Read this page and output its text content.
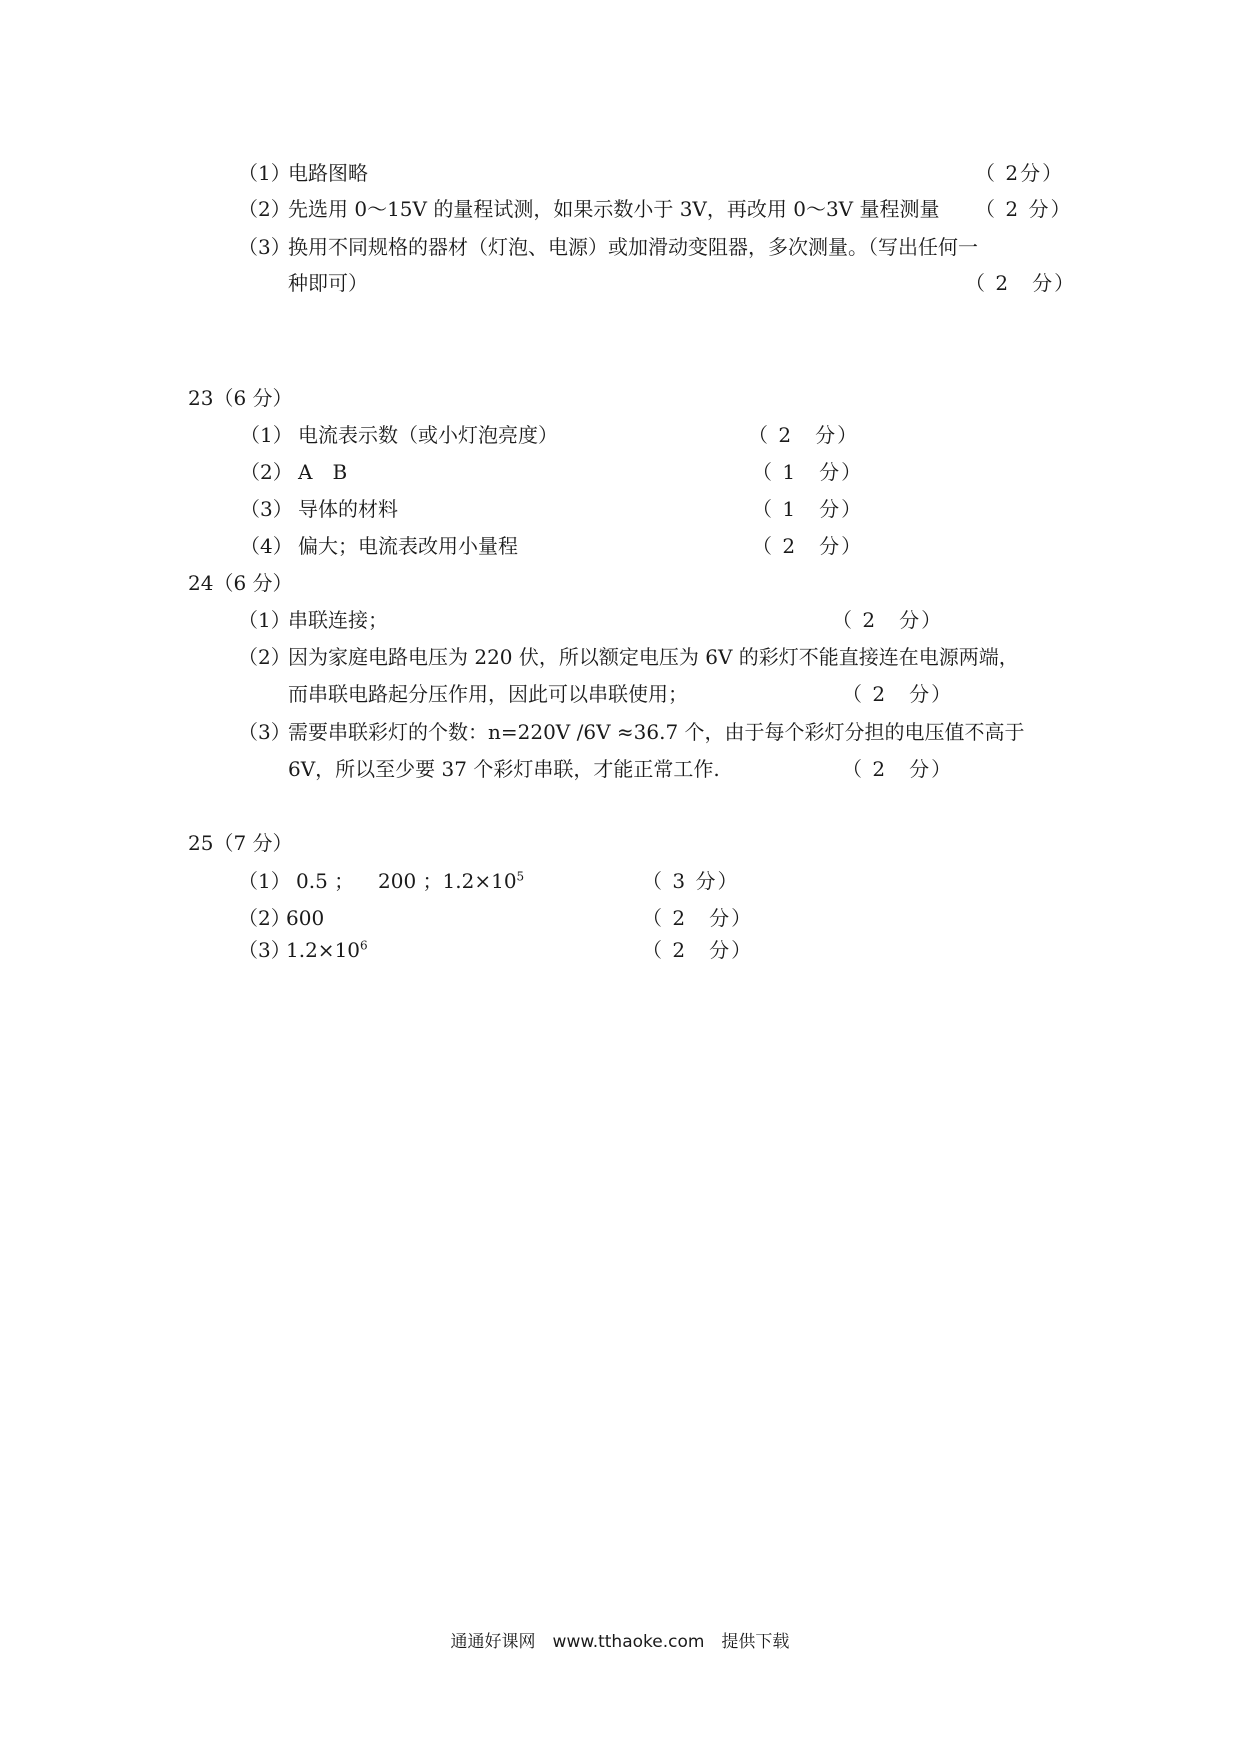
（1）
电路图略	（ 2分）
（2）
先选用 0～15V 的量程试测，如果示数小于 3V，再改用 0～3V 量程测量 （ 2 分）
（3）
换用不同规格的器材（灯泡、电源）或加滑动变阻器，多次测量。（写出任何一
种即可）	（ 2　分）
23（6 分）
（1） 电流表示数（或小灯泡亮度）	（ 2　分）
（2） A　B	（ 1　分）
（3） 导体的材料	（ 1　分）
（4） 偏大；电流表改用小量程	（ 2　分）
24（6 分）
（1）
串联连接；	（ 2　分）
（2）
因为家庭电路电压为 220 伏，所以额定电压为 6V 的彩灯不能直接连在电源两端，
而串联电路起分压作用，因此可以串联使用；	（ 2　分）
（3）
需要串联彩灯的个数：n=220V /6V ≈36.7 个，由于每个彩灯分担的电压值不高于
6V，所以至少要 37 个彩灯串联，才能正常工作.	（ 2　分）
25（7 分）
（1） 0.5 ； 200 ；$1.2\times 10^5$	（ 3 分）
（2）
600	（ 2　分）
（3）
$1.2\times 10^6$	（ 2　分）
通通好课网　www.tthaoke.com　提供下载
